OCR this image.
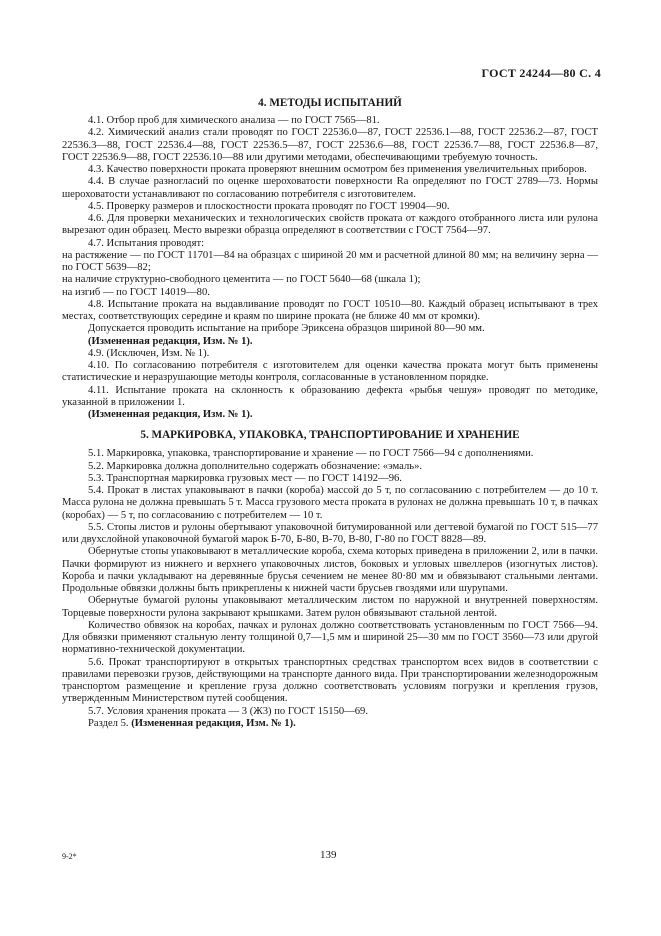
ГОСТ 24244—80 С. 4
4. МЕТОДЫ ИСПЫТАНИЙ

4.1. Отбор проб для химического анализа — по ГОСТ 7565—81.

4.2. Химический анализ стали проводят по ГОСТ 22536.0—87, ГОСТ 22536.1—88, ГОСТ 22536.2—87, ГОСТ 22536.3—88, ГОСТ 22536.4—88, ГОСТ 22536.5—87, ГОСТ 22536.6—88, ГОСТ 22536.7—88, ГОСТ 22536.8—87, ГОСТ 22536.9—88, ГОСТ 22536.10—88 или другими методами, обеспечивающими требуемую точность.

4.3. Качество поверхности проката проверяют внешним осмотром без применения увеличительных приборов.

4.4. В случае разногласий по оценке шероховатости поверхности Ra определяют по ГОСТ 2789—73. Нормы шероховатости устанавливают по согласованию потребителя с изготовителем.

4.5. Проверку размеров и плоскостности проката проводят по ГОСТ 19904—90.

4.6. Для проверки механических и технологических свойств проката от каждого отобранного листа или рулона вырезают один образец. Место вырезки образца определяют в соответствии с ГОСТ 7564—97.

4.7. Испытания проводят:

на растяжение — по ГОСТ 11701—84 на образцах с шириной 20 мм и расчетной длиной 80 мм; на величину зерна — по ГОСТ 5639—82;

на наличие структурно-свободного цементита — по ГОСТ 5640—68 (шкала 1);

на изгиб — по ГОСТ 14019—80.

4.8. Испытание проката на выдавливание проводят по ГОСТ 10510—80. Каждый образец испытывают в трех местах, соответствующих середине и краям по ширине проката (не ближе 40 мм от кромки).

Допускается проводить испытание на приборе Эриксена образцов шириной 80—90 мм.

(Измененная редакция, Изм. № 1).

4.9. (Исключен, Изм. № 1).

4.10. По согласованию потребителя с изготовителем для оценки качества проката могут быть применены статистические и неразрушающие методы контроля, согласованные в установленном порядке.

4.11. Испытание проката на склонность к образованию дефекта «рыбья чешуя» проводят по методике, указанной в приложении 1.

(Измененная редакция, Изм. № 1).

5. МАРКИРОВКА, УПАКОВКА, ТРАНСПОРТИРОВАНИЕ И ХРАНЕНИЕ

5.1. Маркировка, упаковка, транспортирование и хранение — по ГОСТ 7566—94 с дополнениями.

5.2. Маркировка должна дополнительно содержать обозначение: «эмаль».

5.3. Транспортная маркировка грузовых мест — по ГОСТ 14192—96.

5.4. Прокат в листах упаковывают в пачки (короба) массой до 5 т, по согласованию с потребителем — до 10 т. Масса рулона не должна превышать 5 т. Масса грузового места проката в рулонах не должна превышать 10 т, в пачках (коробах) — 5 т, по согласованию с потребителем — 10 т.

5.5. Стопы листов и рулоны обертывают упаковочной битумированной или дегтевой бумагой по ГОСТ 515—77 или двухслойной упаковочной бумагой марок Б-70, Б-80, В-70, В-80, Г-80 по ГОСТ 8828—89.

Обернутые стопы упаковывают в металлические короба, схема которых приведена в приложении 2, или в пачки. Пачки формируют из нижнего и верхнего упаковочных листов, боковых и угловых швеллеров (изогнутых листов). Короба и пачки укладывают на деревянные брусья сечением не менее 80·80 мм и обвязывают стальными лентами. Продольные обвязки должны быть прикреплены к нижней части брусьев гвоздями или шурупами.

Обернутые бумагой рулоны упаковывают металлическим листом по наружной и внутренней поверхностям. Торцевые поверхности рулона закрывают крышками. Затем рулон обвязывают стальной лентой.

Количество обвязок на коробах, пачках и рулонах должно соответствовать установленным по ГОСТ 7566—94. Для обвязки применяют стальную ленту толщиной 0,7—1,5 мм и шириной 25—30 мм по ГОСТ 3560—73 или другой нормативно-технической документации.

5.6. Прокат транспортируют в открытых транспортных средствах транспортом всех видов в соответствии с правилами перевозки грузов, действующими на транспорте данного вида. При транспортировании железнодорожным транспортом размещение и крепление груза должно соответствовать условиям погрузки и крепления грузов, утвержденным Министерством путей сообщения.

5.7. Условия хранения проката — 3 (Ж3) по ГОСТ 15150—69.

Раздел 5. (Измененная редакция, Изм. № 1).

9-2*	139
